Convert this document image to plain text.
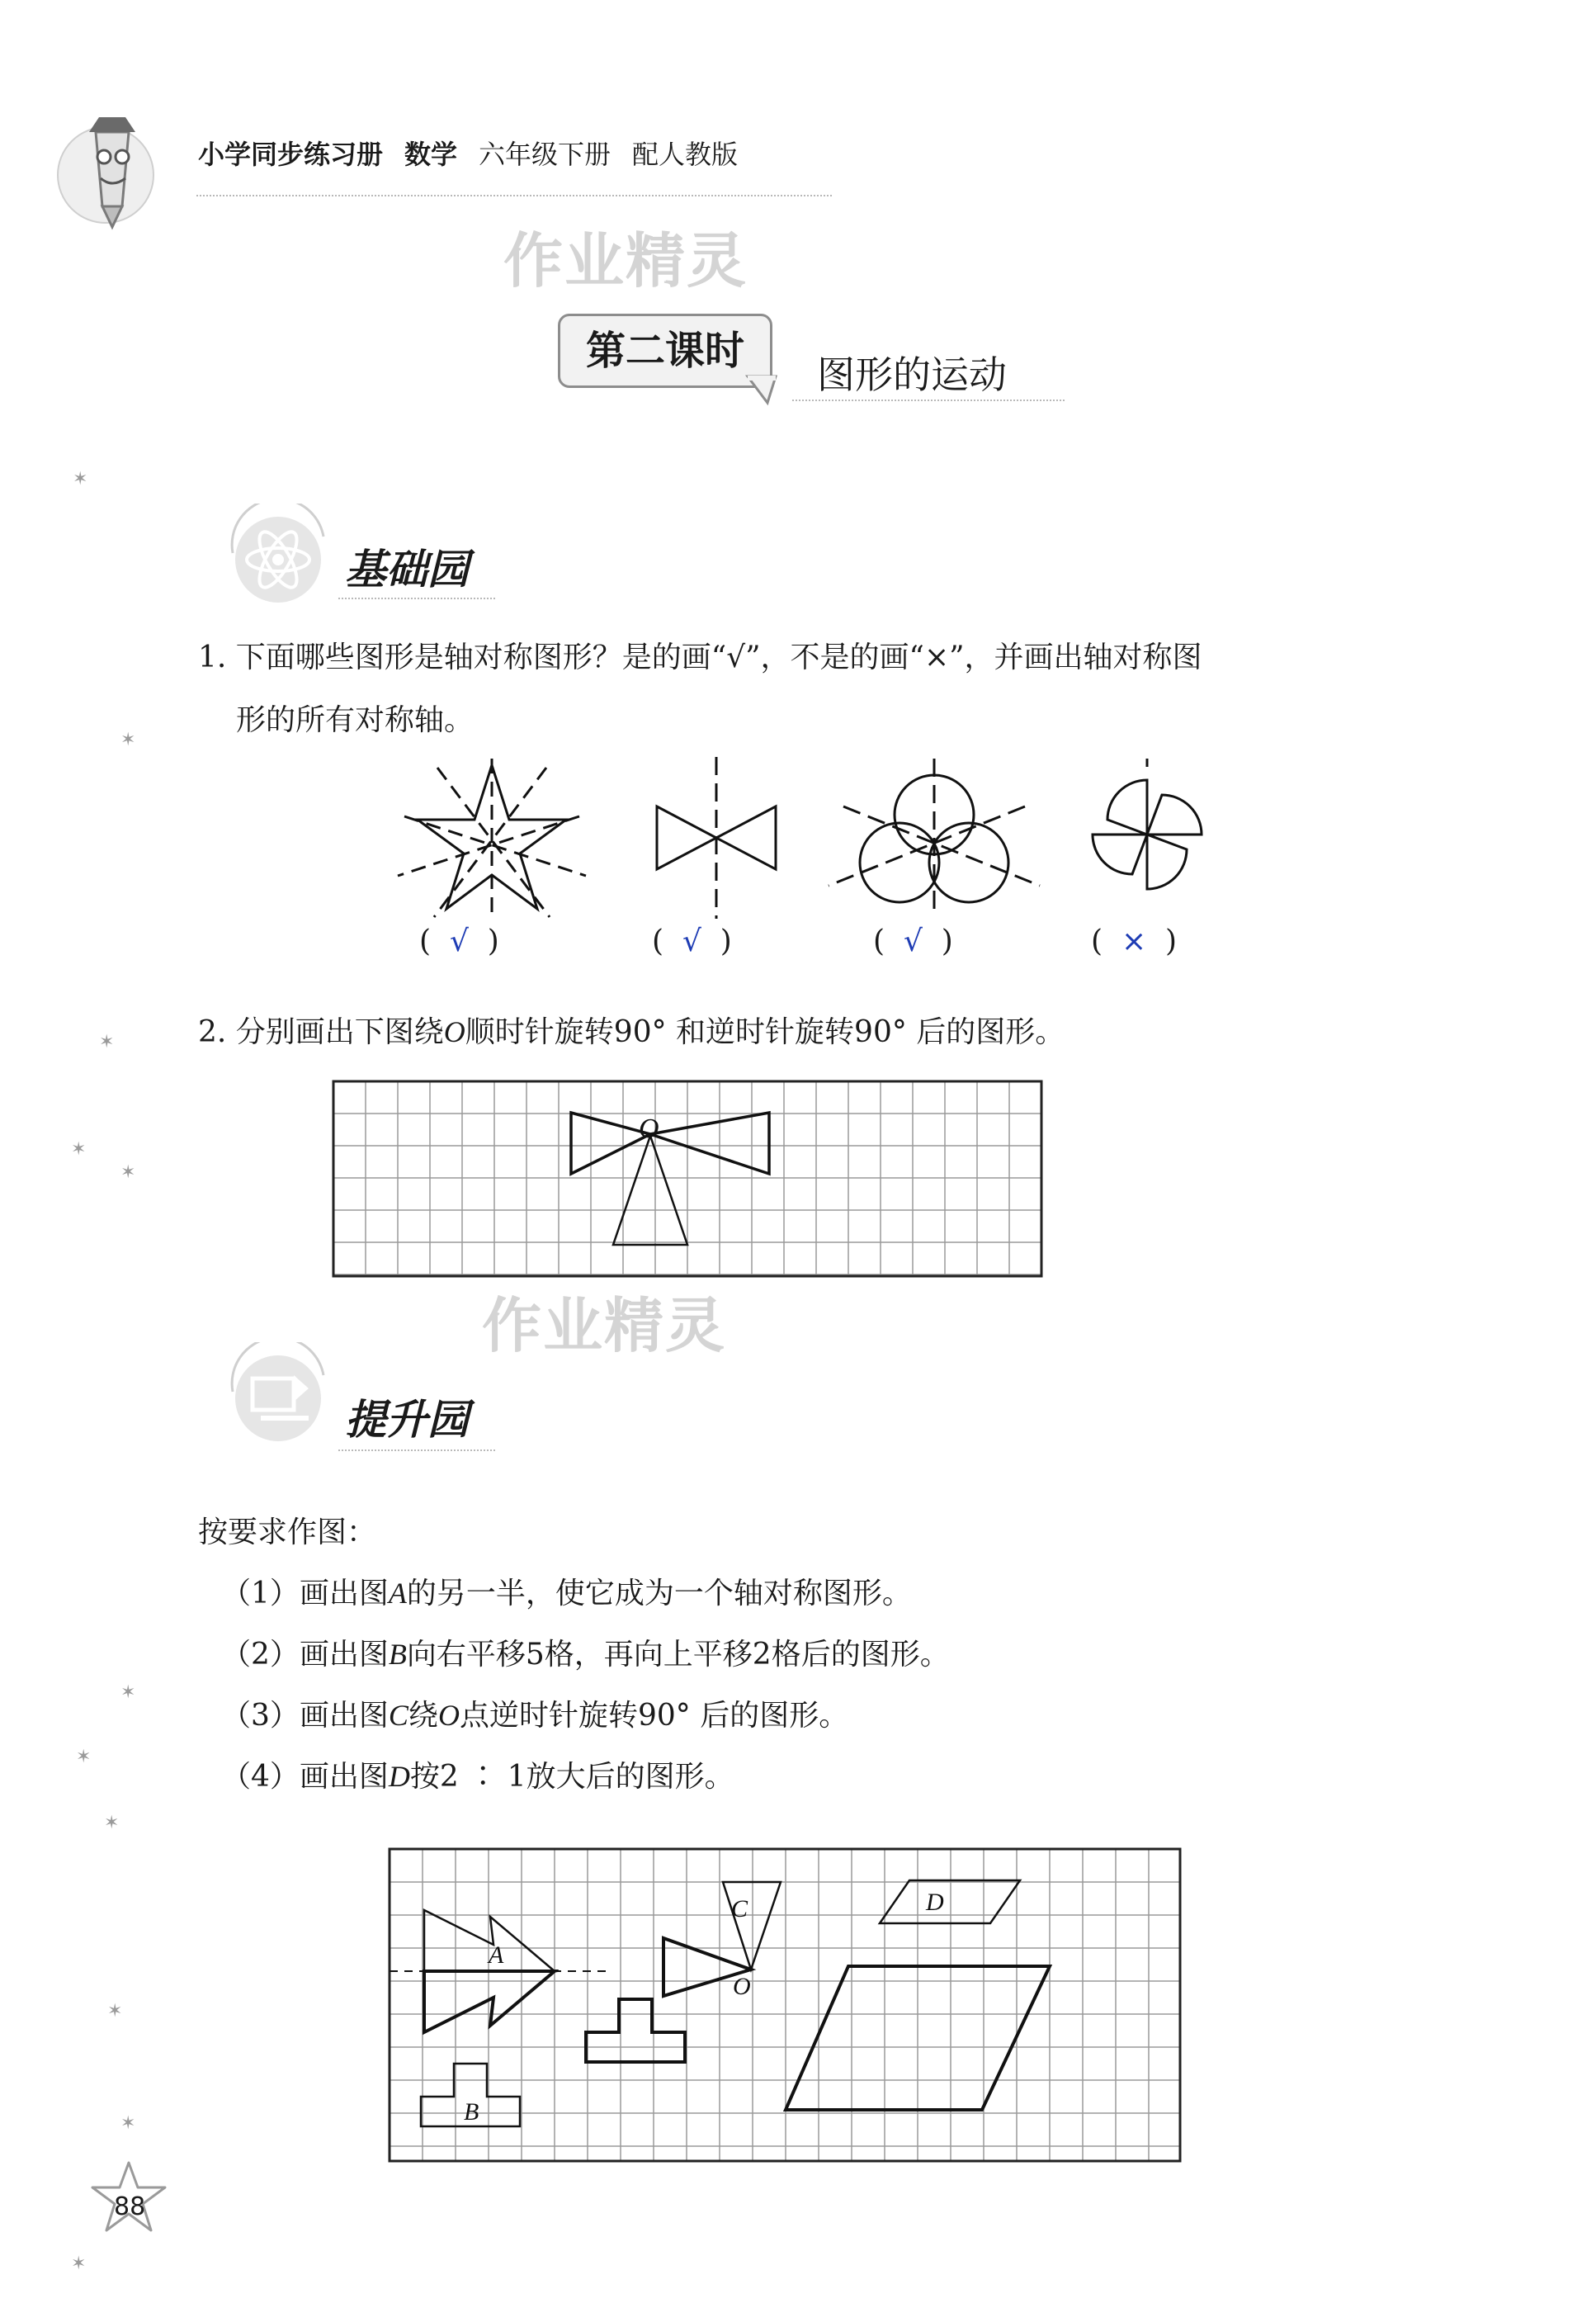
小学同步练习册 数学 六年级下册 配人教版
作业精灵
第二课时
图形的运动
基础园
1. 下面哪些图形是轴对称图形？是的画“√”，不是的画“×”，并画出轴对称图
形的所有对称轴。
(  √  )	(  √  )	(  √  )	(  ×  )
2. 分别画出下图绕O顺时针旋转90° 和逆时针旋转90° 后的图形。
O
作业精灵
提升园
按要求作图：
（1）画出图A的另一半，使它成为一个轴对称图形。
（2）画出图B向右平移5格，再向上平移2格后的图形。
（3）画出图C绕O点逆时针旋转90° 后的图形。
（4）画出图D按2 ∶ 1放大后的图形。
A
B
C
O
D
✶
✶
✶
✶
✶
✶
✶
✶
✶
✶
✶
88
